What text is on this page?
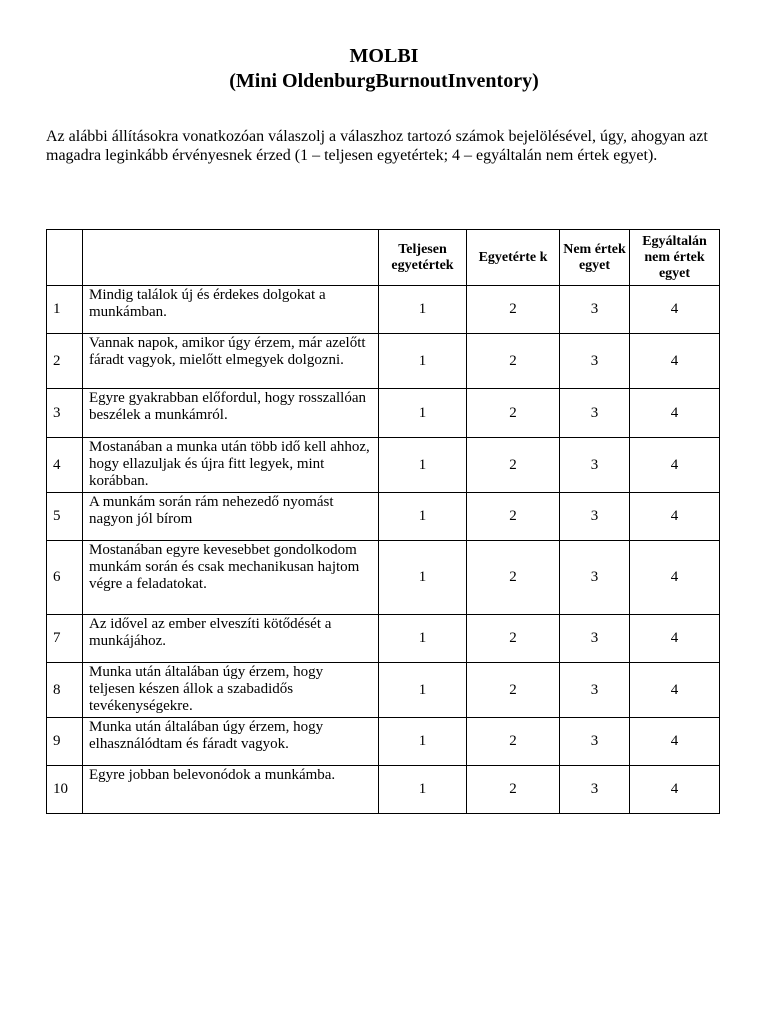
MOLBI
(Mini OldenburgBurnoutInventory)

Az alábbi állításokra vonatkozóan válaszolj a válaszhoz tartozó számok bejelölésével, úgy, ahogyan azt magadra leginkább érvényesnek érzed (1 – teljesen egyetértek; 4 – egyáltalán nem értek egyet).

		Teljesen egyetértek	Egyetérte k	Nem értek egyet	Egyáltalán nem értek egyet
1	Mindig találok új és érdekes dolgokat a munkámban.	1	2	3	4
2	Vannak napok, amikor úgy érzem, már azelőtt fáradt vagyok, mielőtt elmegyek dolgozni.	1	2	3	4
3	Egyre gyakrabban előfordul, hogy rosszallóan beszélek a munkámról.	1	2	3	4
4	Mostanában a munka után több idő kell ahhoz, hogy ellazuljak és újra fitt legyek, mint korábban.	1	2	3	4
5	A munkám során rám nehezedő nyomást nagyon jól bírom	1	2	3	4
6	Mostanában egyre kevesebbet gondolkodom munkám során és csak mechanikusan hajtom végre a feladatokat.	1	2	3	4
7	Az idővel az ember elveszíti kötődését a munkájához.	1	2	3	4
8	Munka után általában úgy érzem, hogy teljesen készen állok a szabadidős tevékenységekre.	1	2	3	4
9	Munka után általában úgy érzem, hogy elhasználódtam és fáradt vagyok.	1	2	3	4
10	Egyre jobban belevonódok a munkámba.	1	2	3	4
